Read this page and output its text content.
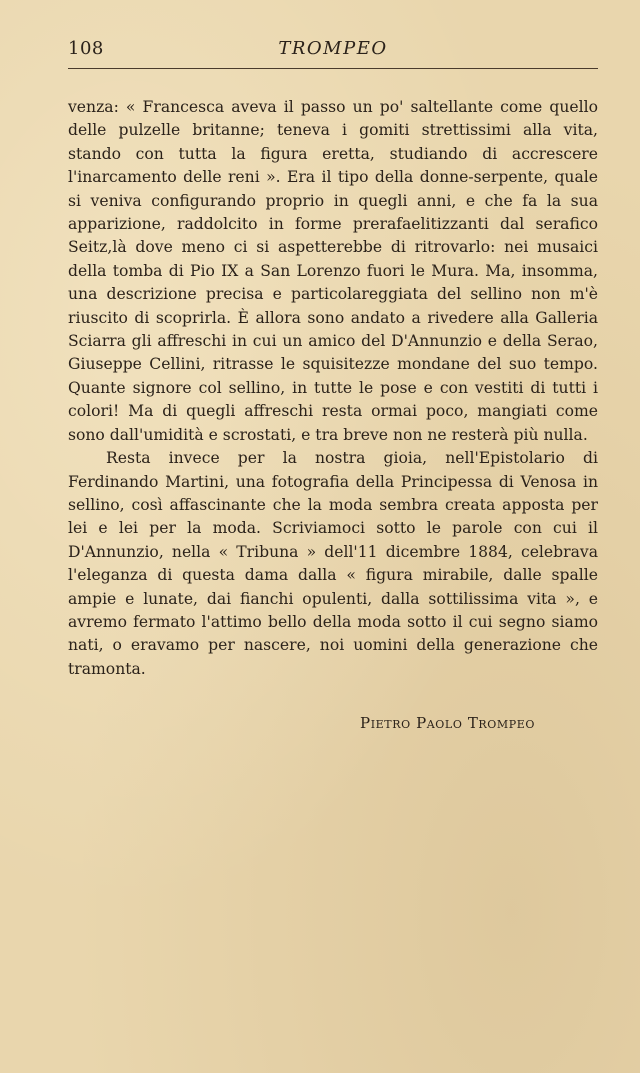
108	TROMPEO

venza: « Francesca aveva il passo un po' saltellante come quello delle pulzelle britanne; teneva i gomiti strettissimi alla vita, stando con tutta la figura eretta, studiando di accrescere l'inarcamento delle reni ». Era il tipo della donne-serpente, quale si veniva configurando proprio in quegli anni, e che fa la sua apparizione, raddolcito in forme prerafaelitizzanti dal serafico Seitz,là dove meno ci si aspetterebbe di ritrovarlo: nei musaici della tomba di Pio IX a San Lorenzo fuori le Mura. Ma, insomma, una descrizione precisa e particolareggiata del sellino non m'è riuscito di scoprirla. È allora sono andato a rivedere alla Galleria Sciarra gli affreschi in cui un amico del D'Annunzio e della Serao, Giuseppe Cellini, ritrasse le squisitezze mondane del suo tempo. Quante signore col sellino, in tutte le pose e con vestiti di tutti i colori! Ma di quegli affreschi resta ormai poco, mangiati come sono dall'umidità e scrostati, e tra breve non ne resterà più nulla.

Resta invece per la nostra gioia, nell'Epistolario di Ferdinando Martini, una fotografia della Principessa di Venosa in sellino, così affascinante che la moda sembra creata apposta per lei e lei per la moda. Scriviamoci sotto le parole con cui il D'Annunzio, nella « Tribuna » dell'11 dicembre 1884, celebrava l'eleganza di questa dama dalla « figura mirabile, dalle spalle ampie e lunate, dai fianchi opulenti, dalla sottilissima vita », e avremo fermato l'attimo bello della moda sotto il cui segno siamo nati, o eravamo per nascere, noi uomini della generazione che tramonta.

Pietro Paolo Trompeo
